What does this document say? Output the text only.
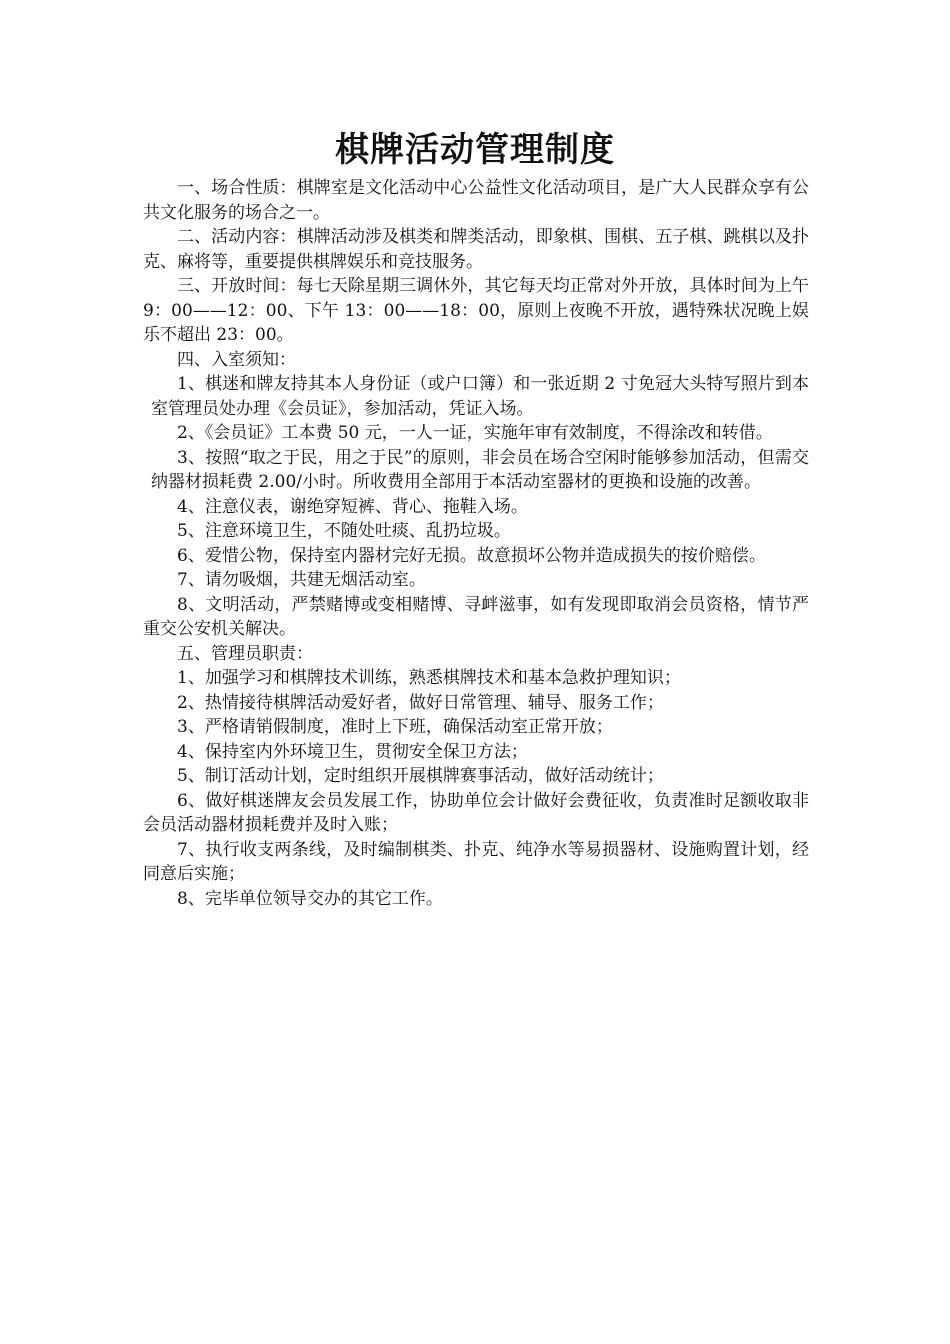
棋牌活动管理制度

一、场合性质：棋牌室是文化活动中心公益性文化活动项目，是广大人民群众享有公共文化服务的场合之一。

二、活动内容：棋牌活动涉及棋类和牌类活动，即象棋、围棋、五子棋、跳棋以及扑克、麻将等，重要提供棋牌娱乐和竞技服务。

三、开放时间：每七天除星期三调休外，其它每天均正常对外开放，具体时间为上午 9：00——12：00、下午 13：00——18：00，原则上夜晚不开放，遇特殊状况晚上娱乐不超出 23：00。

四、入室须知：

1、棋迷和牌友持其本人身份证（或户口簿）和一张近期 2 寸免冠大头特写照片到本室管理员处办理《会员证》，参加活动，凭证入场。

2、《会员证》工本费 50 元，一人一证，实施年审有效制度，不得涂改和转借。

3、按照“取之于民，用之于民”的原则，非会员在场合空闲时能够参加活动，但需交纳器材损耗费 2.00/小时。所收费用全部用于本活动室器材的更换和设施的改善。

4、注意仪表，谢绝穿短裤、背心、拖鞋入场。

5、注意环境卫生，不随处吐痰、乱扔垃圾。

6、爱惜公物，保持室内器材完好无损。故意损坏公物并造成损失的按价赔偿。

7、请勿吸烟，共建无烟活动室。

8、文明活动，严禁赌博或变相赌博、寻衅滋事，如有发现即取消会员资格，情节严重交公安机关解决。

五、管理员职责：

1、加强学习和棋牌技术训练，熟悉棋牌技术和基本急救护理知识；

2、热情接待棋牌活动爱好者，做好日常管理、辅导、服务工作；

3、严格请销假制度，准时上下班，确保活动室正常开放；

4、保持室内外环境卫生，贯彻安全保卫方法；

5、制订活动计划，定时组织开展棋牌赛事活动，做好活动统计；

6、做好棋迷牌友会员发展工作，协助单位会计做好会费征收，负责准时足额收取非会员活动器材损耗费并及时入账；

7、执行收支两条线，及时编制棋类、扑克、纯净水等易损器材、设施购置计划，经同意后实施；

8、完毕单位领导交办的其它工作。
